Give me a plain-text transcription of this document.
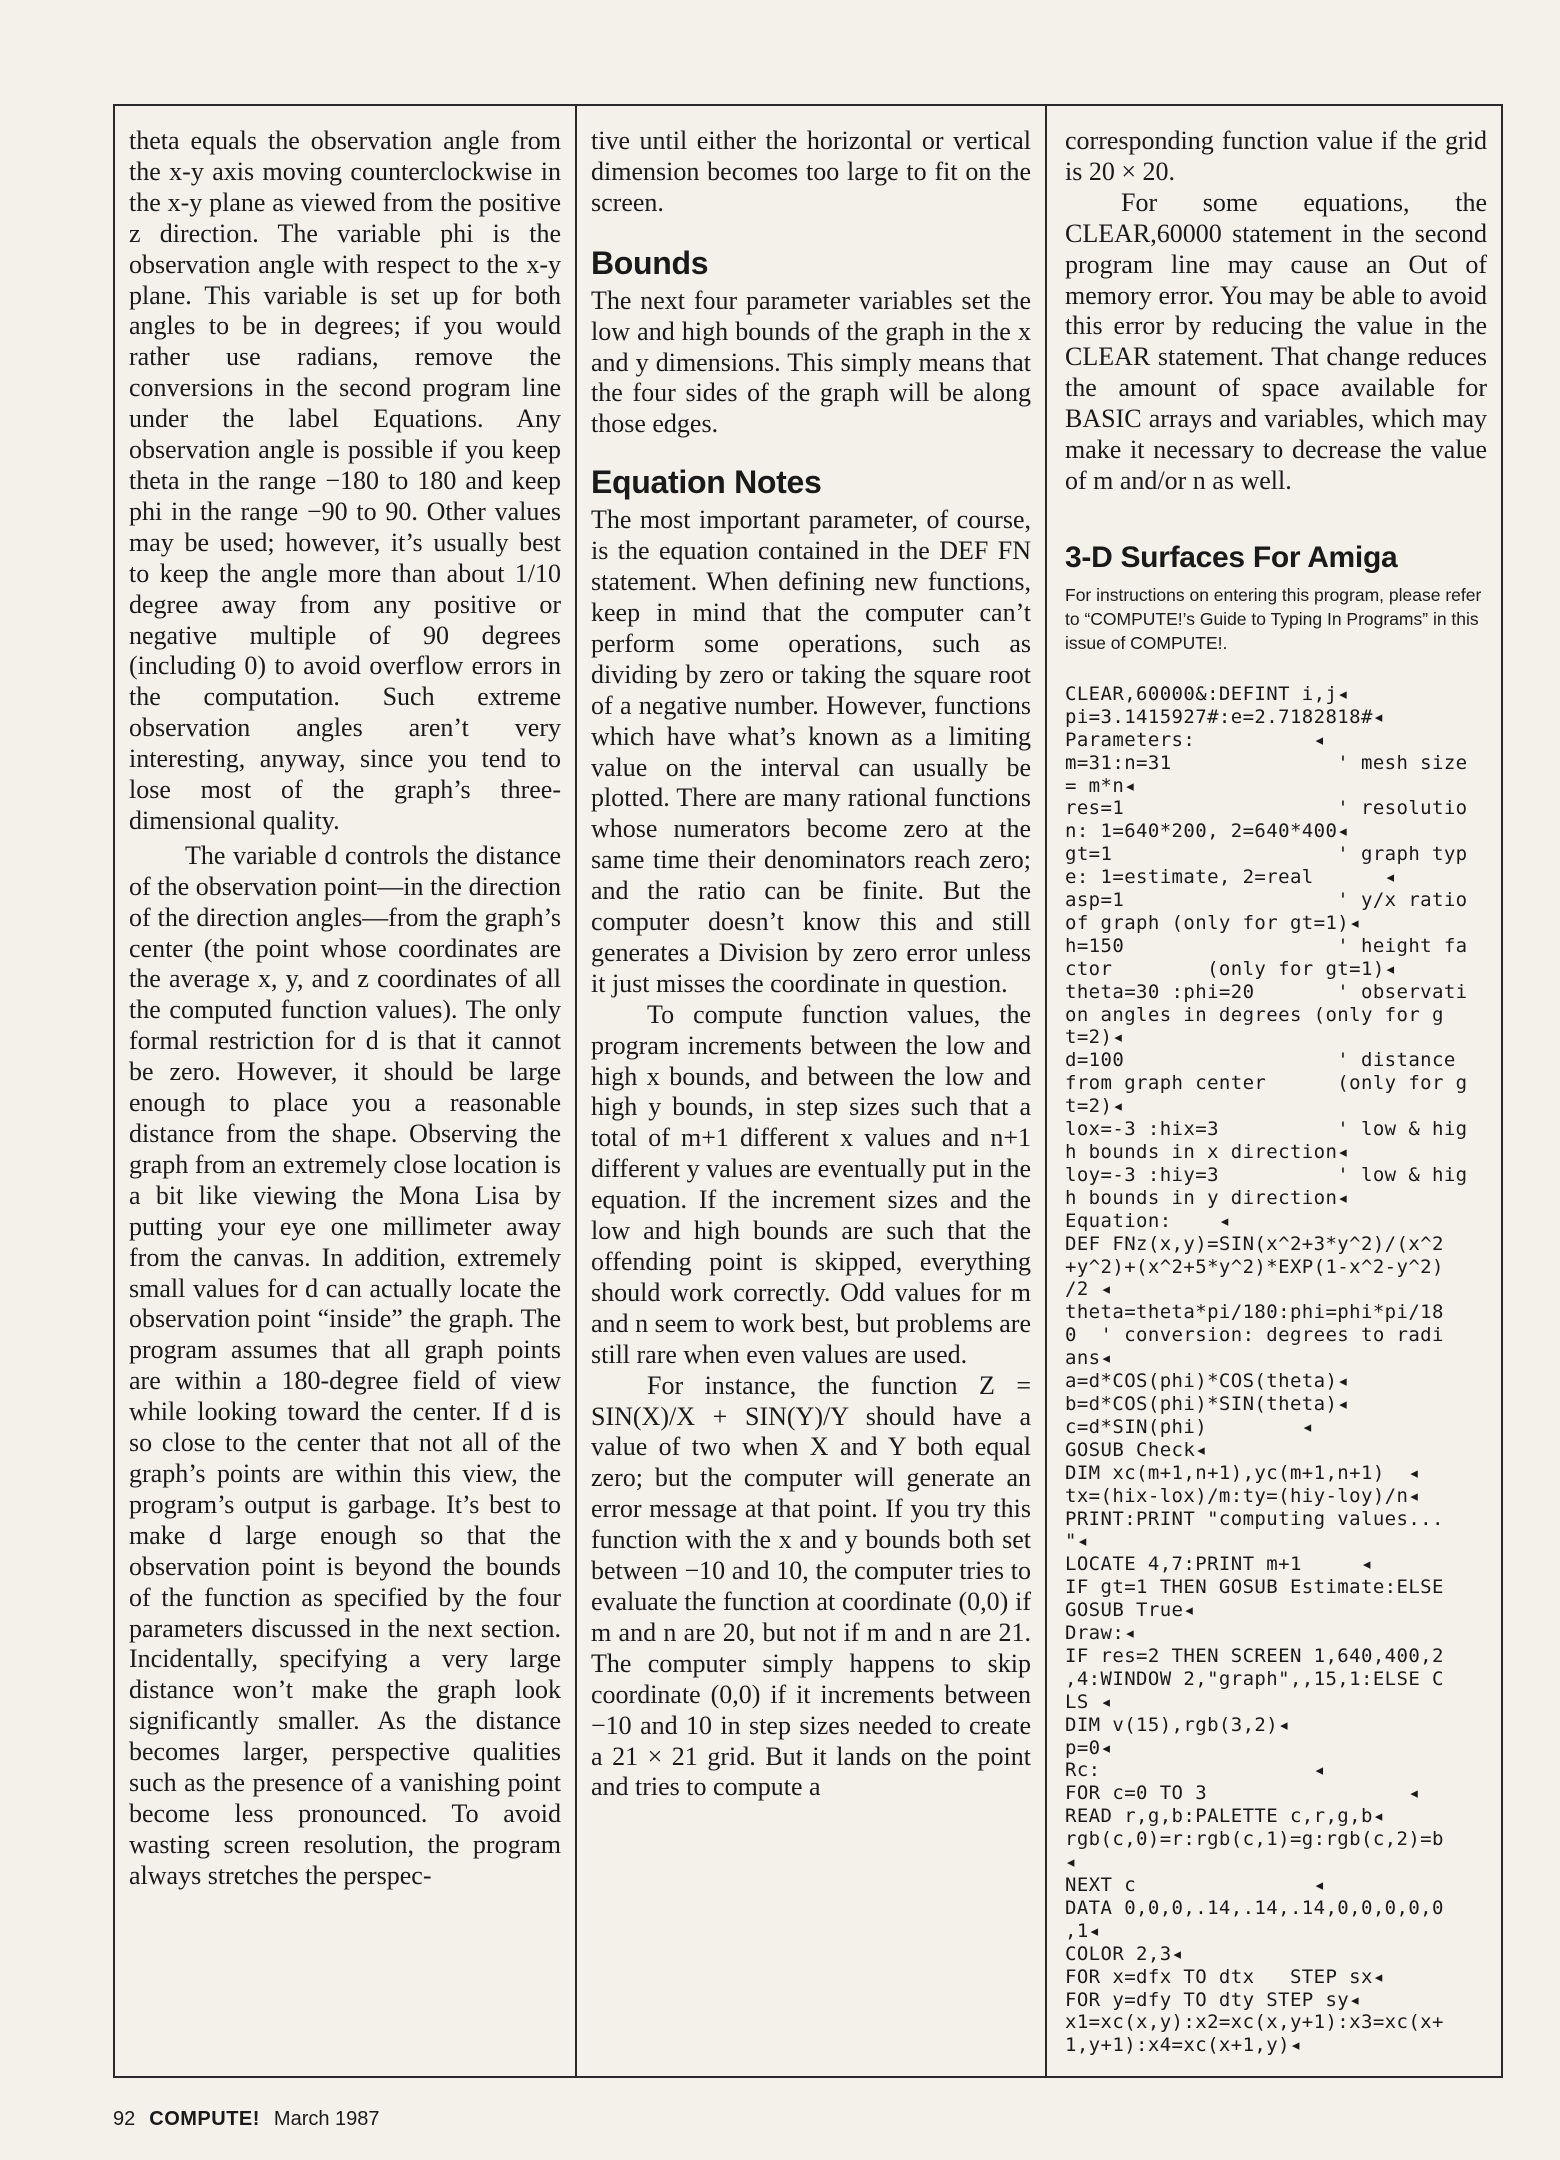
theta equals the observation angle from the x-y axis moving counterclockwise in the x-y plane as viewed from the positive z direction. The variable phi is the observation angle with respect to the x-y plane. This variable is set up for both angles to be in degrees; if you would rather use radians, remove the conversions in the second program line under the label Equations. Any observation angle is possible if you keep theta in the range −180 to 180 and keep phi in the range −90 to 90. Other values may be used; however, it’s usually best to keep the angle more than about 1/10 degree away from any positive or negative multiple of 90 degrees (including 0) to avoid overflow errors in the computation. Such extreme observation angles aren’t very interesting, anyway, since you tend to lose most of the graph’s three-dimensional quality.

The variable d controls the distance of the observation point—in the direction of the direction angles—from the graph’s center (the point whose coordinates are the average x, y, and z coordinates of all the computed function values). The only formal restriction for d is that it cannot be zero. However, it should be large enough to place you a reasonable distance from the shape. Observing the graph from an extremely close location is a bit like viewing the Mona Lisa by putting your eye one millimeter away from the canvas. In addition, extremely small values for d can actually locate the observation point “inside” the graph. The program assumes that all graph points are within a 180-degree field of view while looking toward the center. If d is so close to the center that not all of the graph’s points are within this view, the program’s output is garbage. It’s best to make d large enough so that the observation point is beyond the bounds of the function as specified by the four parameters discussed in the next section. Incidentally, specifying a very large distance won’t make the graph look significantly smaller. As the distance becomes larger, perspective qualities such as the presence of a vanishing point become less pronounced. To avoid wasting screen resolution, the program always stretches the perspec-

tive until either the horizontal or vertical dimension becomes too large to fit on the screen.

Bounds

The next four parameter variables set the low and high bounds of the graph in the x and y dimensions. This simply means that the four sides of the graph will be along those edges.

Equation Notes

The most important parameter, of course, is the equation contained in the DEF FN statement. When defining new functions, keep in mind that the computer can’t perform some operations, such as dividing by zero or taking the square root of a negative number. However, functions which have what’s known as a limiting value on the interval can usually be plotted. There are many rational functions whose numerators become zero at the same time their denominators reach zero; and the ratio can be finite. But the computer doesn’t know this and still generates a Division by zero error unless it just misses the coordinate in question.

To compute function values, the program increments between the low and high x bounds, and between the low and high y bounds, in step sizes such that a total of m+1 different x values and n+1 different y values are eventually put in the equation. If the increment sizes and the low and high bounds are such that the offending point is skipped, everything should work correctly. Odd values for m and n seem to work best, but problems are still rare when even values are used.

For instance, the function Z = SIN(X)/X + SIN(Y)/Y should have a value of two when X and Y both equal zero; but the computer will generate an error message at that point. If you try this function with the x and y bounds both set between −10 and 10, the computer tries to evaluate the function at coordinate (0,0) if m and n are 20, but not if m and n are 21. The computer simply happens to skip coordinate (0,0) if it increments between −10 and 10 in step sizes needed to create a 21 × 21 grid. But it lands on the point and tries to compute a

corresponding function value if the grid is 20 × 20.

For some equations, the CLEAR,60000 statement in the second program line may cause an Out of memory error. You may be able to avoid this error by reducing the value in the CLEAR statement. That change reduces the amount of space available for BASIC arrays and variables, which may make it necessary to decrease the value of m and/or n as well.

3-D Surfaces For Amiga
For instructions on entering this program, please refer to “COMPUTE!’s Guide to Typing In Programs” in this issue of COMPUTE!.
CLEAR,60000&:DEFINT i,j◂
pi=3.1415927#:e=2.7182818#◂
Parameters:          ◂
m=31:n=31              ' mesh size
= m*n◂
res=1                  ' resolutio
n: 1=640*200, 2=640*400◂
gt=1                   ' graph typ
e: 1=estimate, 2=real      ◂
asp=1                  ' y/x ratio
of graph (only for gt=1)◂
h=150                  ' height fa
ctor        (only for gt=1)◂
theta=30 :phi=20       ' observati
on angles in degrees (only for g
t=2)◂
d=100                  ' distance
from graph center      (only for g
t=2)◂
lox=-3 :hix=3          ' low & hig
h bounds in x direction◂
loy=-3 :hiy=3          ' low & hig
h bounds in y direction◂
Equation:    ◂
DEF FNz(x,y)=SIN(x^2+3*y^2)/(x^2
+y^2)+(x^2+5*y^2)*EXP(1-x^2-y^2)
/2 ◂
theta=theta*pi/180:phi=phi*pi/18
0  ' conversion: degrees to radi
ans◂
a=d*COS(phi)*COS(theta)◂
b=d*COS(phi)*SIN(theta)◂
c=d*SIN(phi)        ◂
GOSUB Check◂
DIM xc(m+1,n+1),yc(m+1,n+1)  ◂
tx=(hix-lox)/m:ty=(hiy-loy)/n◂
PRINT:PRINT "computing values...
"◂
LOCATE 4,7:PRINT m+1     ◂
IF gt=1 THEN GOSUB Estimate:ELSE
GOSUB True◂
Draw:◂
IF res=2 THEN SCREEN 1,640,400,2
,4:WINDOW 2,"graph",,15,1:ELSE C
LS ◂
DIM v(15),rgb(3,2)◂
p=0◂
Rc:                  ◂
FOR c=0 TO 3                 ◂
READ r,g,b:PALETTE c,r,g,b◂
rgb(c,0)=r:rgb(c,1)=g:rgb(c,2)=b
◂
NEXT c               ◂
DATA 0,0,0,.14,.14,.14,0,0,0,0,0
,1◂
COLOR 2,3◂
FOR x=dfx TO dtx   STEP sx◂
FOR y=dfy TO dty STEP sy◂
x1=xc(x,y):x2=xc(x,y+1):x3=xc(x+
1,y+1):x4=xc(x+1,y)◂
92 COMPUTE! March 1987
